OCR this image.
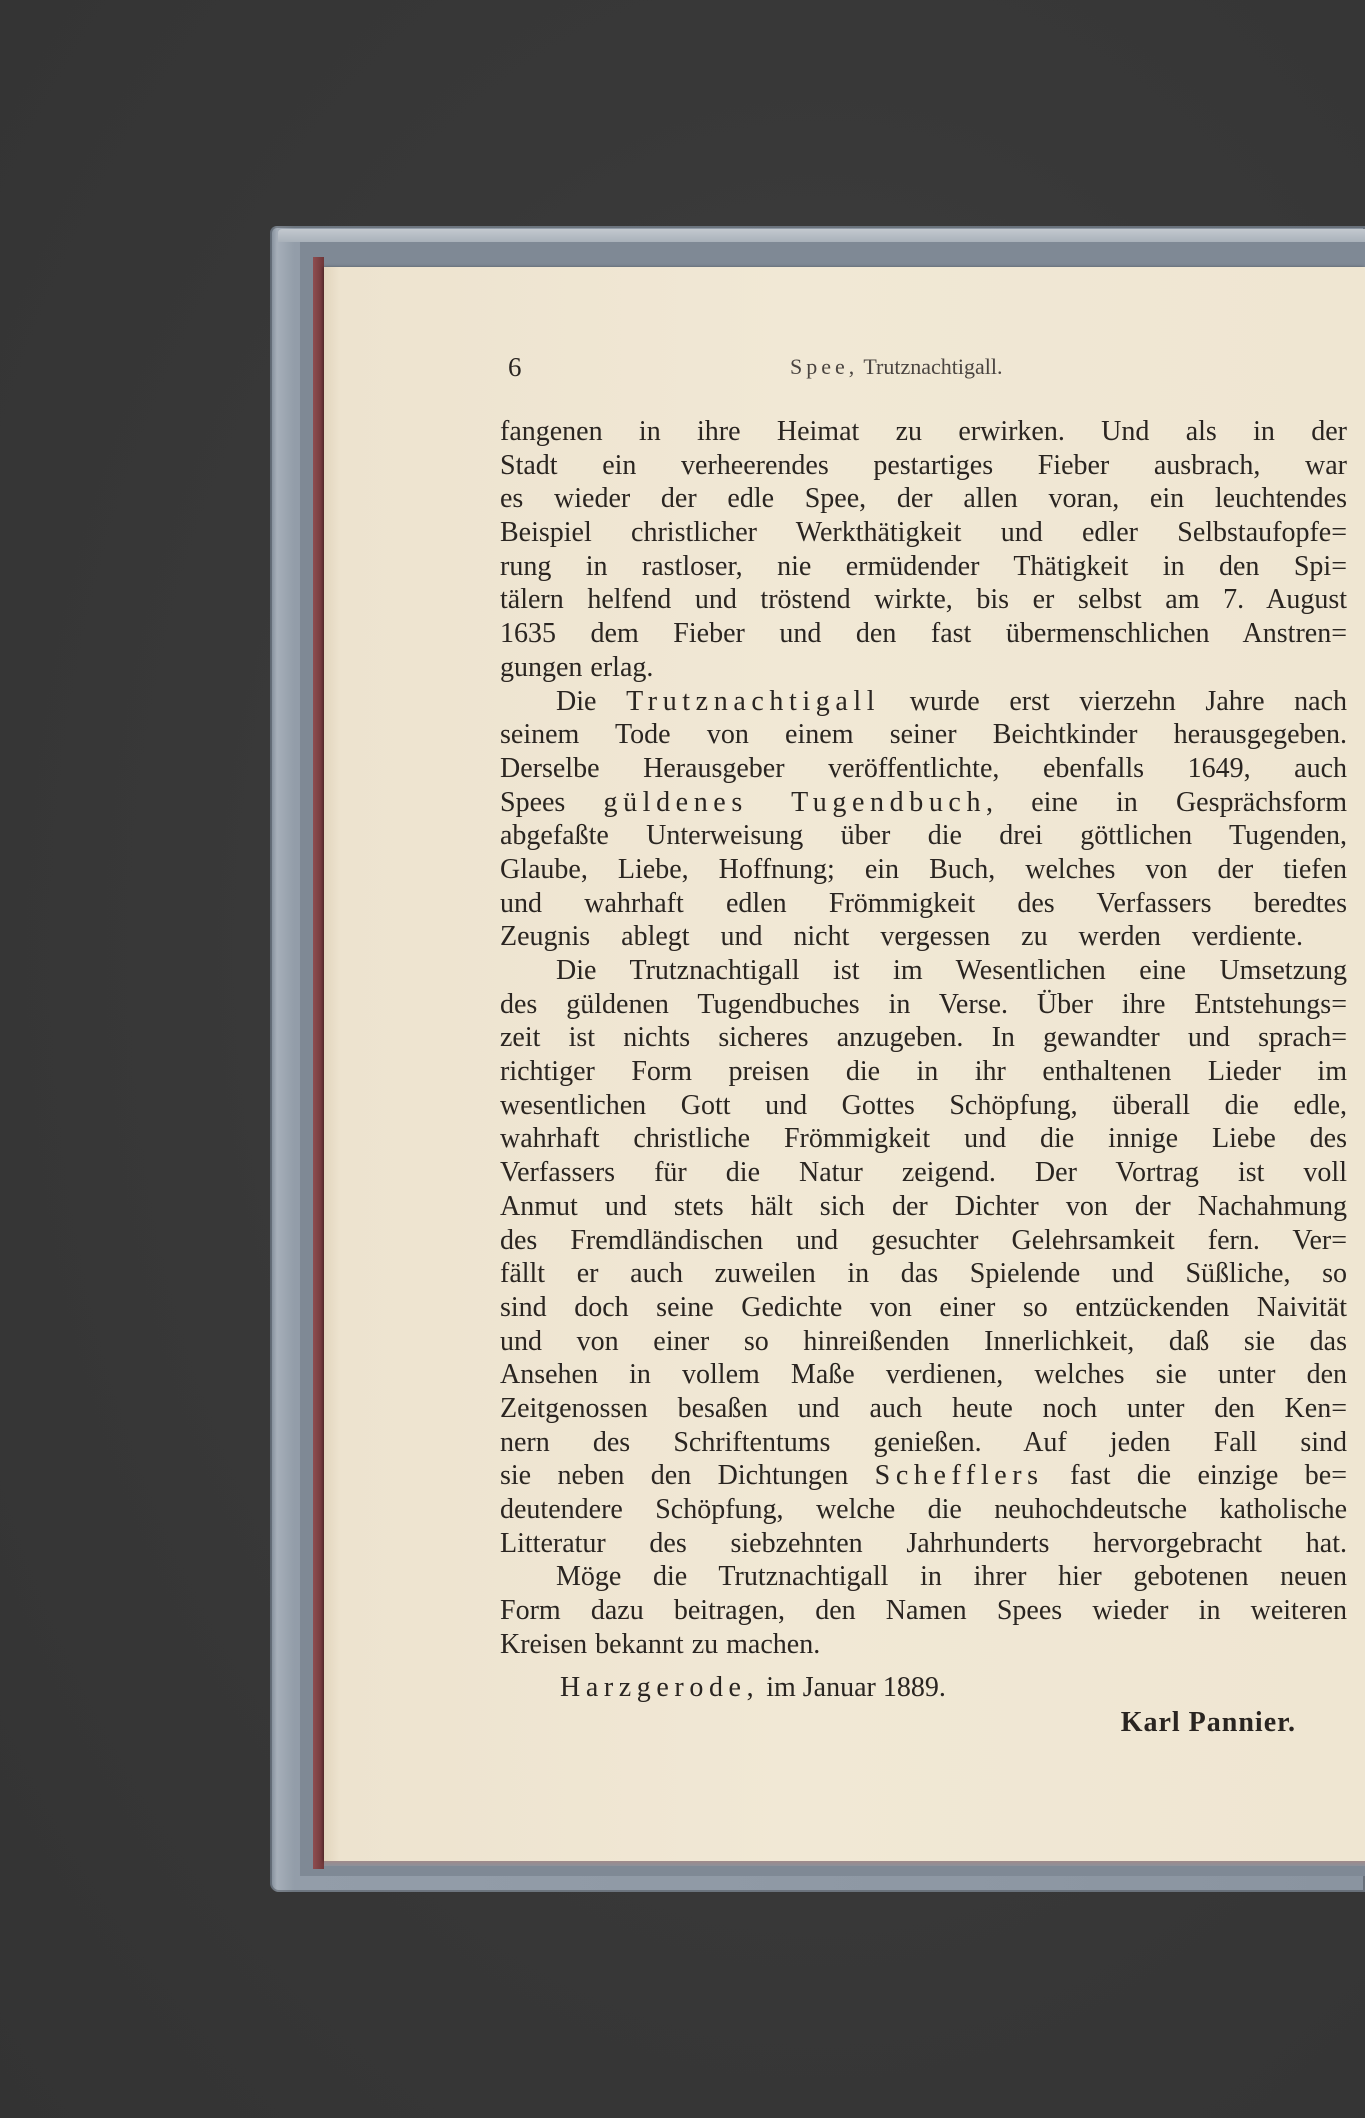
6	Spee, Trutznachtigall.
fangenen in ihre Heimat zu erwirken. Und als in der
Stadt ein verheerendes pestartiges Fieber ausbrach, war
es wieder der edle Spee, der allen voran, ein leuchtendes
Beispiel christlicher Werkthätigkeit und edler Selbstaufopfe=
rung in rastloser, nie ermüdender Thätigkeit in den Spi=
tälern helfend und tröstend wirkte, bis er selbst am 7. August
1635 dem Fieber und den fast übermenschlichen Anstren=
gungen erlag.
Die Trutznachtigall wurde erst vierzehn Jahre nach
seinem Tode von einem seiner Beichtkinder herausgegeben.
Derselbe Herausgeber veröffentlichte, ebenfalls 1649, auch
Spees güldenes Tugendbuch, eine in Gesprächsform
abgefaßte Unterweisung über die drei göttlichen Tugenden,
Glaube, Liebe, Hoffnung; ein Buch, welches von der tiefen
und wahrhaft edlen Frömmigkeit des Verfassers beredtes
Zeugnis ablegt und nicht vergessen zu werden verdiente.
Die Trutznachtigall ist im Wesentlichen eine Umsetzung
des güldenen Tugendbuches in Verse. Über ihre Entstehungs=
zeit ist nichts sicheres anzugeben. In gewandter und sprach=
richtiger Form preisen die in ihr enthaltenen Lieder im
wesentlichen Gott und Gottes Schöpfung, überall die edle,
wahrhaft christliche Frömmigkeit und die innige Liebe des
Verfassers für die Natur zeigend. Der Vortrag ist voll
Anmut und stets hält sich der Dichter von der Nachahmung
des Fremdländischen und gesuchter Gelehrsamkeit fern. Ver=
fällt er auch zuweilen in das Spielende und Süßliche, so
sind doch seine Gedichte von einer so entzückenden Naivität
und von einer so hinreißenden Innerlichkeit, daß sie das
Ansehen in vollem Maße verdienen, welches sie unter den
Zeitgenossen besaßen und auch heute noch unter den Ken=
nern des Schriftentums genießen. Auf jeden Fall sind
sie neben den Dichtungen Schefflers fast die einzige be=
deutendere Schöpfung, welche die neuhochdeutsche katholische
Litteratur des siebzehnten Jahrhunderts hervorgebracht hat.
Möge die Trutznachtigall in ihrer hier gebotenen neuen
Form dazu beitragen, den Namen Spees wieder in weiteren
Kreisen bekannt zu machen.
Harzgerode, im Januar 1889.
Karl Pannier.
